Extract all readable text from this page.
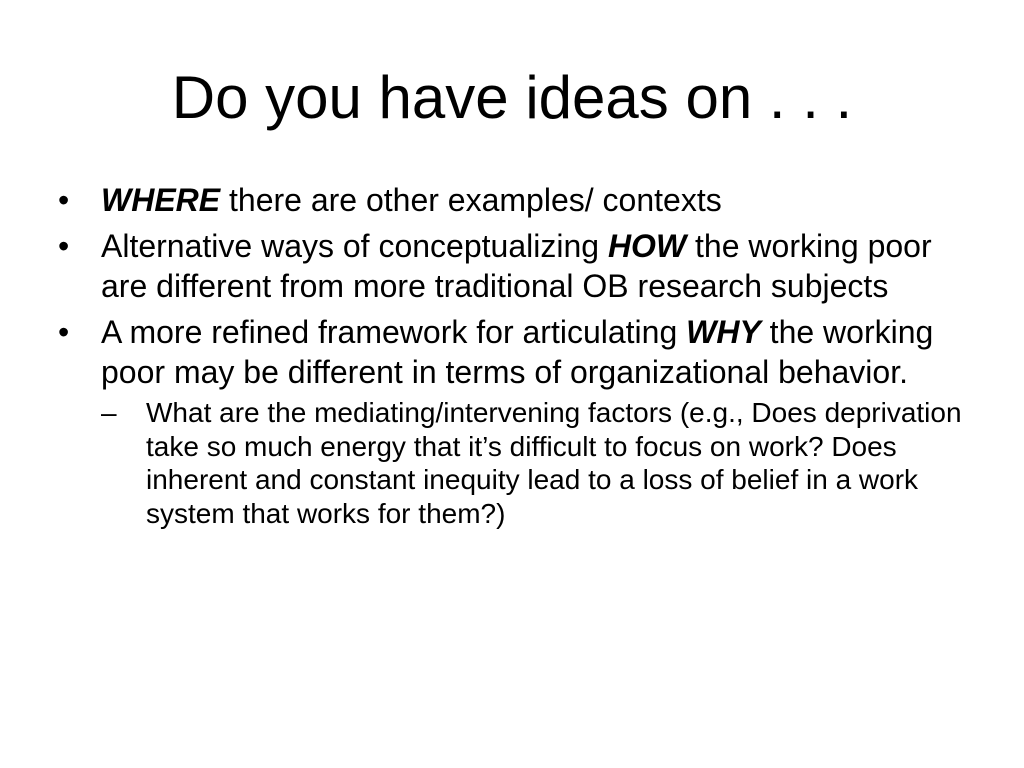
Do you have ideas on . . .
• WHERE there are other examples/ contexts
• Alternative ways of conceptualizing HOW the working poor are different from more traditional OB research subjects
• A more refined framework for articulating WHY the working poor may be different in terms of organizational behavior.
– What are the mediating/intervening factors (e.g., Does deprivation take so much energy that it’s difficult to focus on work? Does inherent and constant inequity lead to a loss of belief in a work system that works for them?)
